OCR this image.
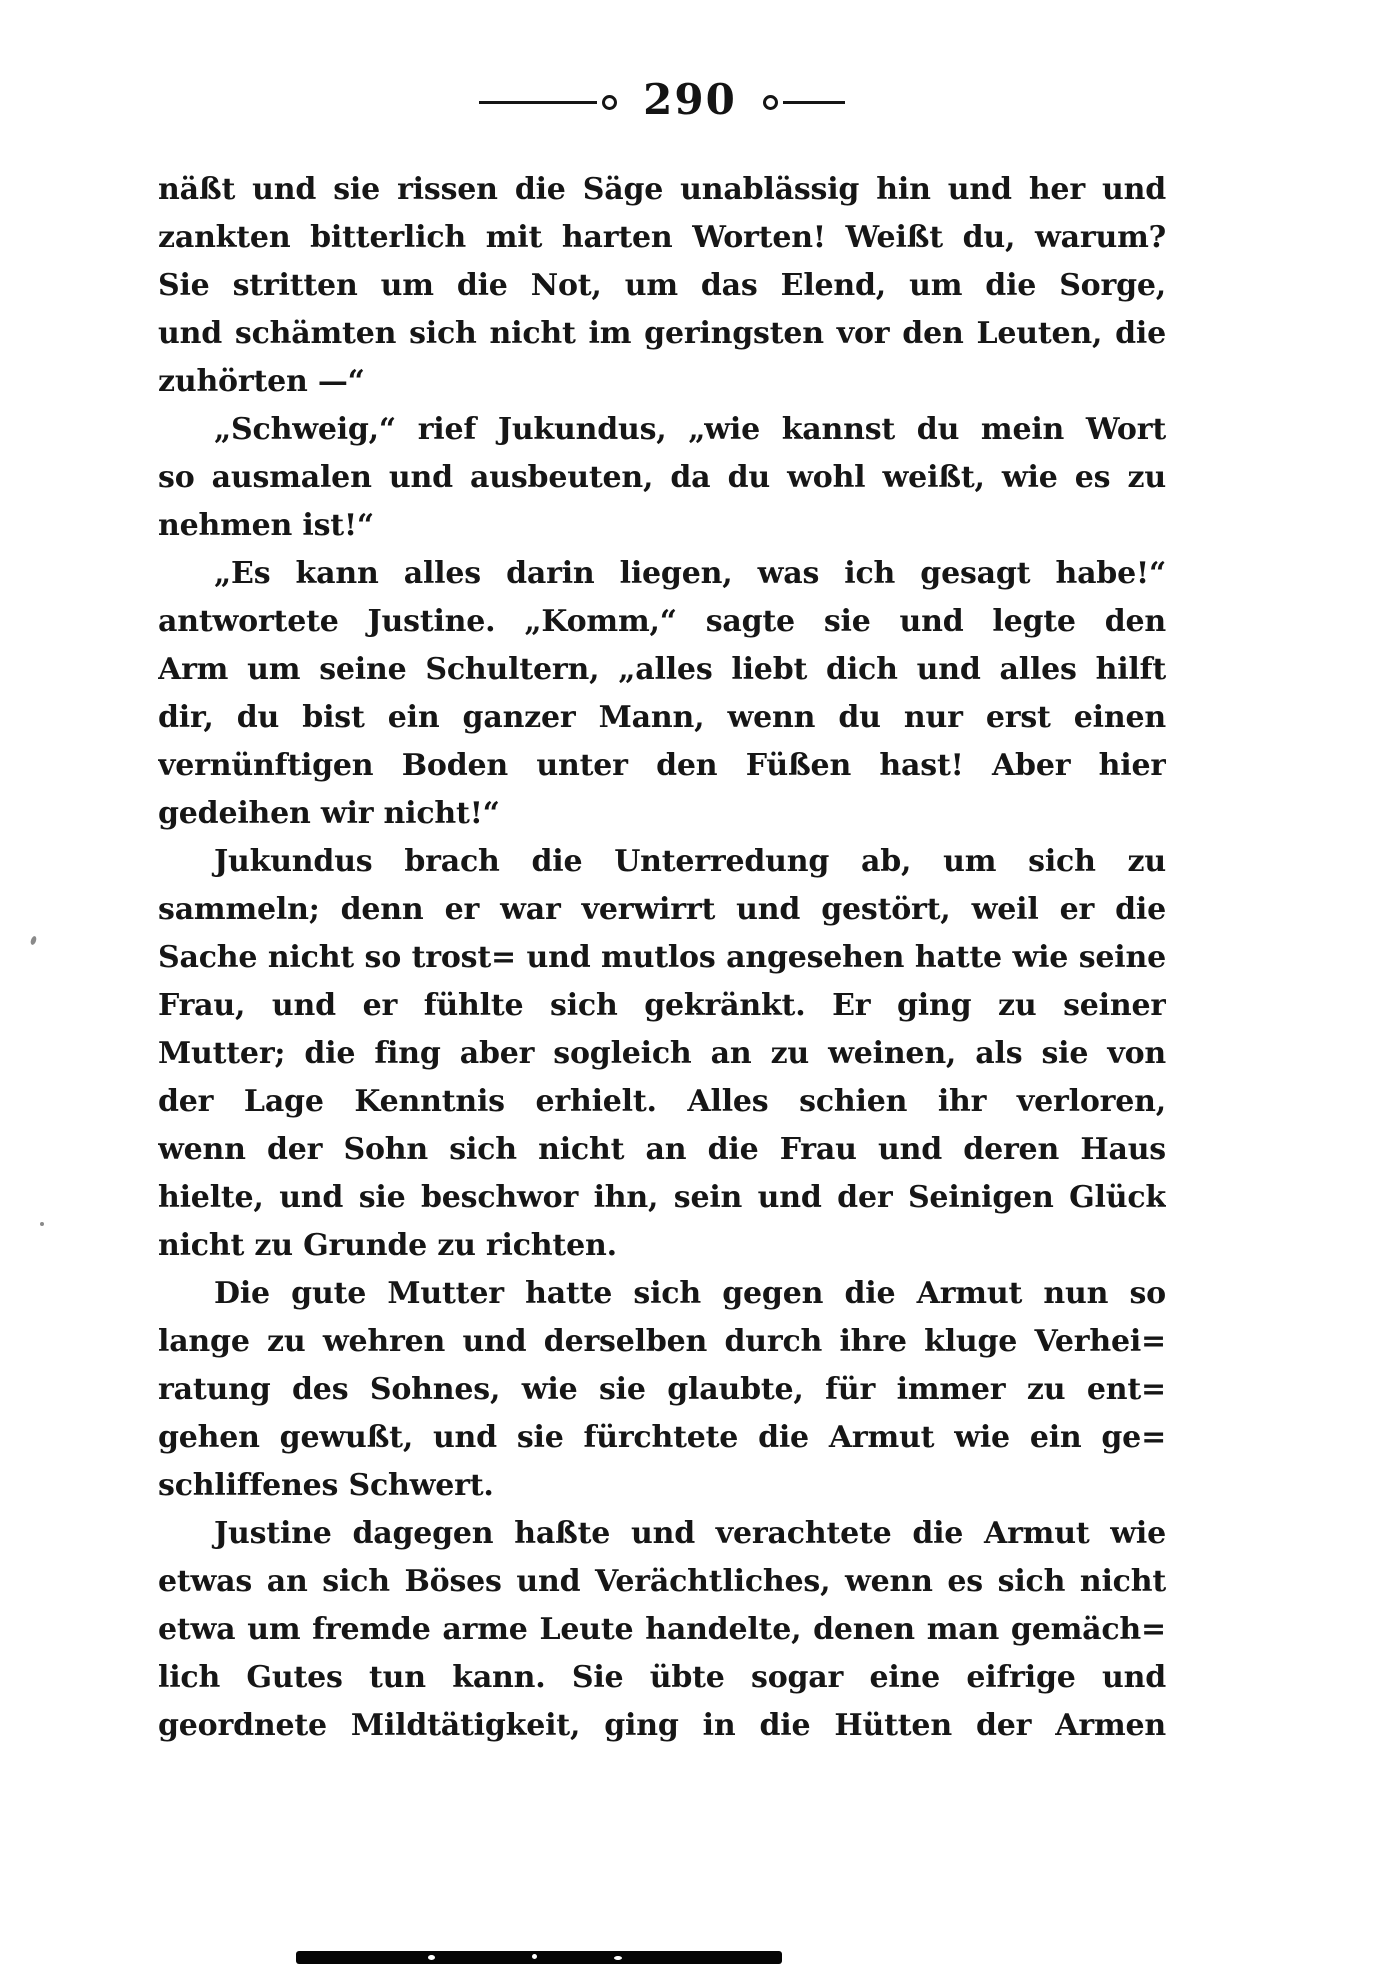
290
näßt und sie rissen die Säge unablässig hin und her und
zankten bitterlich mit harten Worten! Weißt du, warum?
Sie stritten um die Not, um das Elend, um die Sorge,
und schämten sich nicht im geringsten vor den Leuten, die
zuhörten —“
„Schweig,“ rief Jukundus, „wie kannst du mein Wort
so ausmalen und ausbeuten, da du wohl weißt, wie es zu
nehmen ist!“
„Es kann alles darin liegen, was ich gesagt habe!“
antwortete Justine. „Komm,“ sagte sie und legte den
Arm um seine Schultern, „alles liebt dich und alles hilft
dir, du bist ein ganzer Mann, wenn du nur erst einen
vernünftigen Boden unter den Füßen hast! Aber hier
gedeihen wir nicht!“
Jukundus brach die Unterredung ab, um sich zu
sammeln; denn er war verwirrt und gestört, weil er die
Sache nicht so trost= und mutlos angesehen hatte wie seine
Frau, und er fühlte sich gekränkt. Er ging zu seiner
Mutter; die fing aber sogleich an zu weinen, als sie von
der Lage Kenntnis erhielt. Alles schien ihr verloren,
wenn der Sohn sich nicht an die Frau und deren Haus
hielte, und sie beschwor ihn, sein und der Seinigen Glück
nicht zu Grunde zu richten.
Die gute Mutter hatte sich gegen die Armut nun so
lange zu wehren und derselben durch ihre kluge Verhei=
ratung des Sohnes, wie sie glaubte, für immer zu ent=
gehen gewußt, und sie fürchtete die Armut wie ein ge=
schliffenes Schwert.
Justine dagegen haßte und verachtete die Armut wie
etwas an sich Böses und Verächtliches, wenn es sich nicht
etwa um fremde arme Leute handelte, denen man gemäch=
lich Gutes tun kann. Sie übte sogar eine eifrige und
geordnete Mildtätigkeit, ging in die Hütten der Armen
